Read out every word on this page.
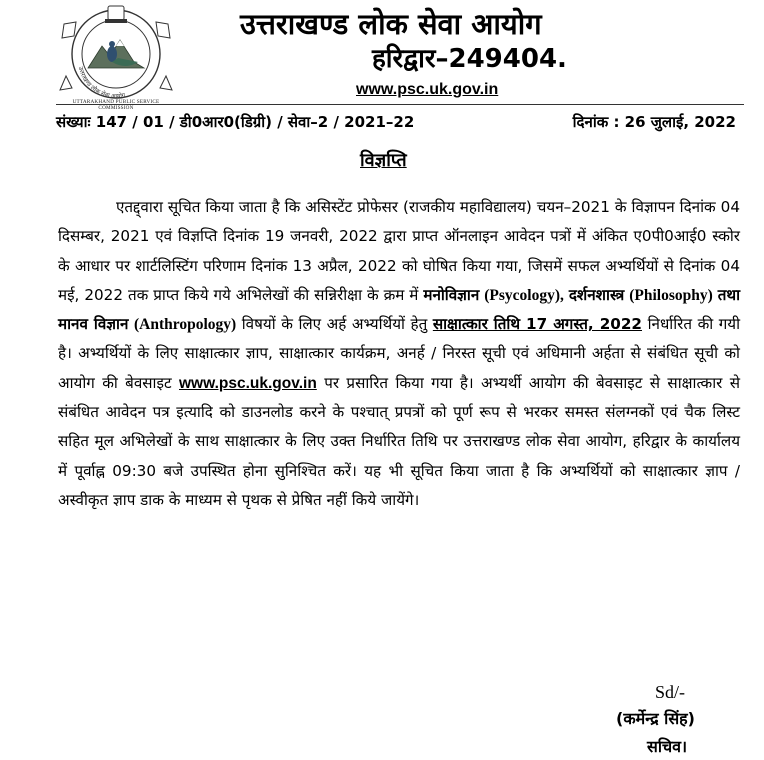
उत्तराखण्ड लोक सेवा आयोग
UTTARAKHAND PUBLIC SERVICE COMMISSION
उत्तराखण्ड लोक सेवा आयोग
हरिद्वार–249404.
www.psc.uk.gov.in
संख्याः 147 / 01 / डी0आर0(डिग्री) / सेवा–2 / 2021–22	दिनांक : 26 जुलाई, 2022
विज्ञप्ति
एतद्द्वारा सूचित किया जाता है कि असिस्टेंट प्रोफेसर (राजकीय महाविद्यालय) चयन–2021 के विज्ञापन दिनांक 04 दिसम्बर, 2021 एवं विज्ञप्ति दिनांक 19 जनवरी, 2022 द्वारा प्राप्त ऑनलाइन आवेदन पत्रों में अंकित ए0पी0आई0 स्कोर के आधार पर शार्टलिस्टिंग परिणाम दिनांक 13 अप्रैल, 2022 को घोषित किया गया, जिसमें सफल अभ्यर्थियों से दिनांक 04 मई, 2022 तक प्राप्त किये गये अभिलेखों की सन्निरीक्षा के क्रम में मनोविज्ञान (Psycology), दर्शनशास्त्र (Philosophy) तथा मानव विज्ञान (Anthropology) विषयों के लिए अर्ह अभ्यर्थियों हेतु साक्षात्कार तिथि 17 अगस्त, 2022 निर्धारित की गयी है। अभ्यर्थियों के लिए साक्षात्कार ज्ञाप, साक्षात्कार कार्यक्रम, अनर्ह / निरस्त सूची एवं अधिमानी अर्हता से संबंधित सूची को आयोग की बेवसाइट www.psc.uk.gov.in पर प्रसारित किया गया है। अभ्यर्थी आयोग की बेवसाइट से साक्षात्कार से संबंधित आवेदन पत्र इत्यादि को डाउनलोड करने के पश्चात् प्रपत्रों को पूर्ण रूप से भरकर समस्त संलग्नकों एवं चैक लिस्ट सहित मूल अभिलेखों के साथ साक्षात्कार के लिए उक्त निर्धारित तिथि पर उत्तराखण्ड लोक सेवा आयोग, हरिद्वार के कार्यालय में पूर्वाह्न 09:30 बजे उपस्थित होना सुनिश्चित करें। यह भी सूचित किया जाता है कि अभ्यर्थियों को साक्षात्कार ज्ञाप / अस्वीकृत ज्ञाप डाक के माध्यम से पृथक से प्रेषित नहीं किये जायेंगे।
Sd/-
(कर्मेन्द्र सिंह)
सचिव।
